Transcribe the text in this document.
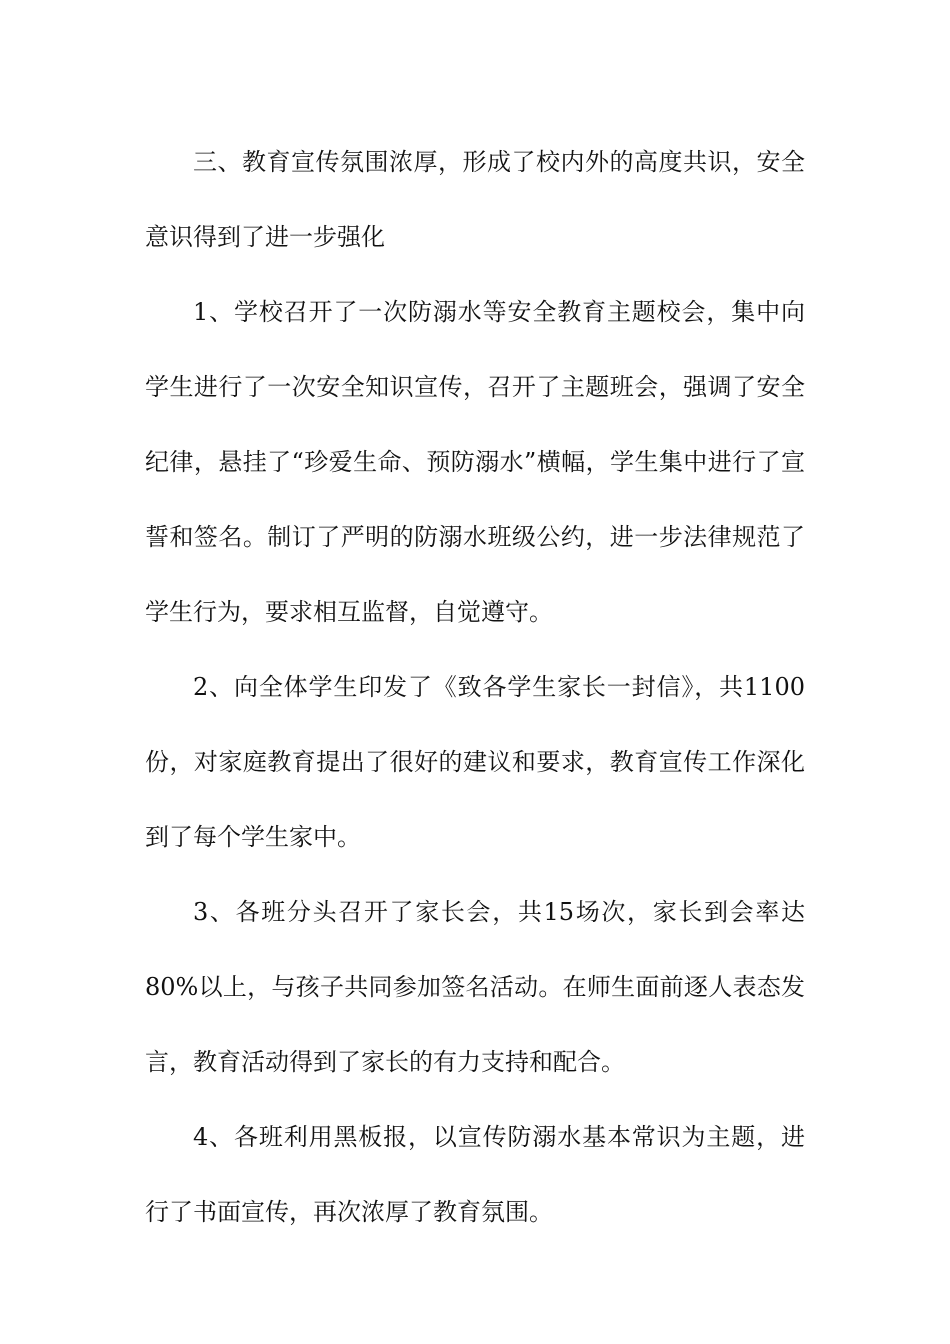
三、教育宣传氛围浓厚，形成了校内外的高度共识，安全意识得到了进一步强化

1、学校召开了一次防溺水等安全教育主题校会，集中向学生进行了一次安全知识宣传，召开了主题班会，强调了安全纪律，悬挂了“珍爱生命、预防溺水”横幅，学生集中进行了宣誓和签名。制订了严明的防溺水班级公约，进一步法律规范了学生行为，要求相互监督，自觉遵守。

2、向全体学生印发了《致各学生家长一封信》，共1100份，对家庭教育提出了很好的建议和要求，教育宣传工作深化到了每个学生家中。

3、各班分头召开了家长会，共15场次，家长到会率达80%以上，与孩子共同参加签名活动。在师生面前逐人表态发言，教育活动得到了家长的有力支持和配合。

4、各班利用黑板报，以宣传防溺水基本常识为主题，进行了书面宣传，再次浓厚了教育氛围。
